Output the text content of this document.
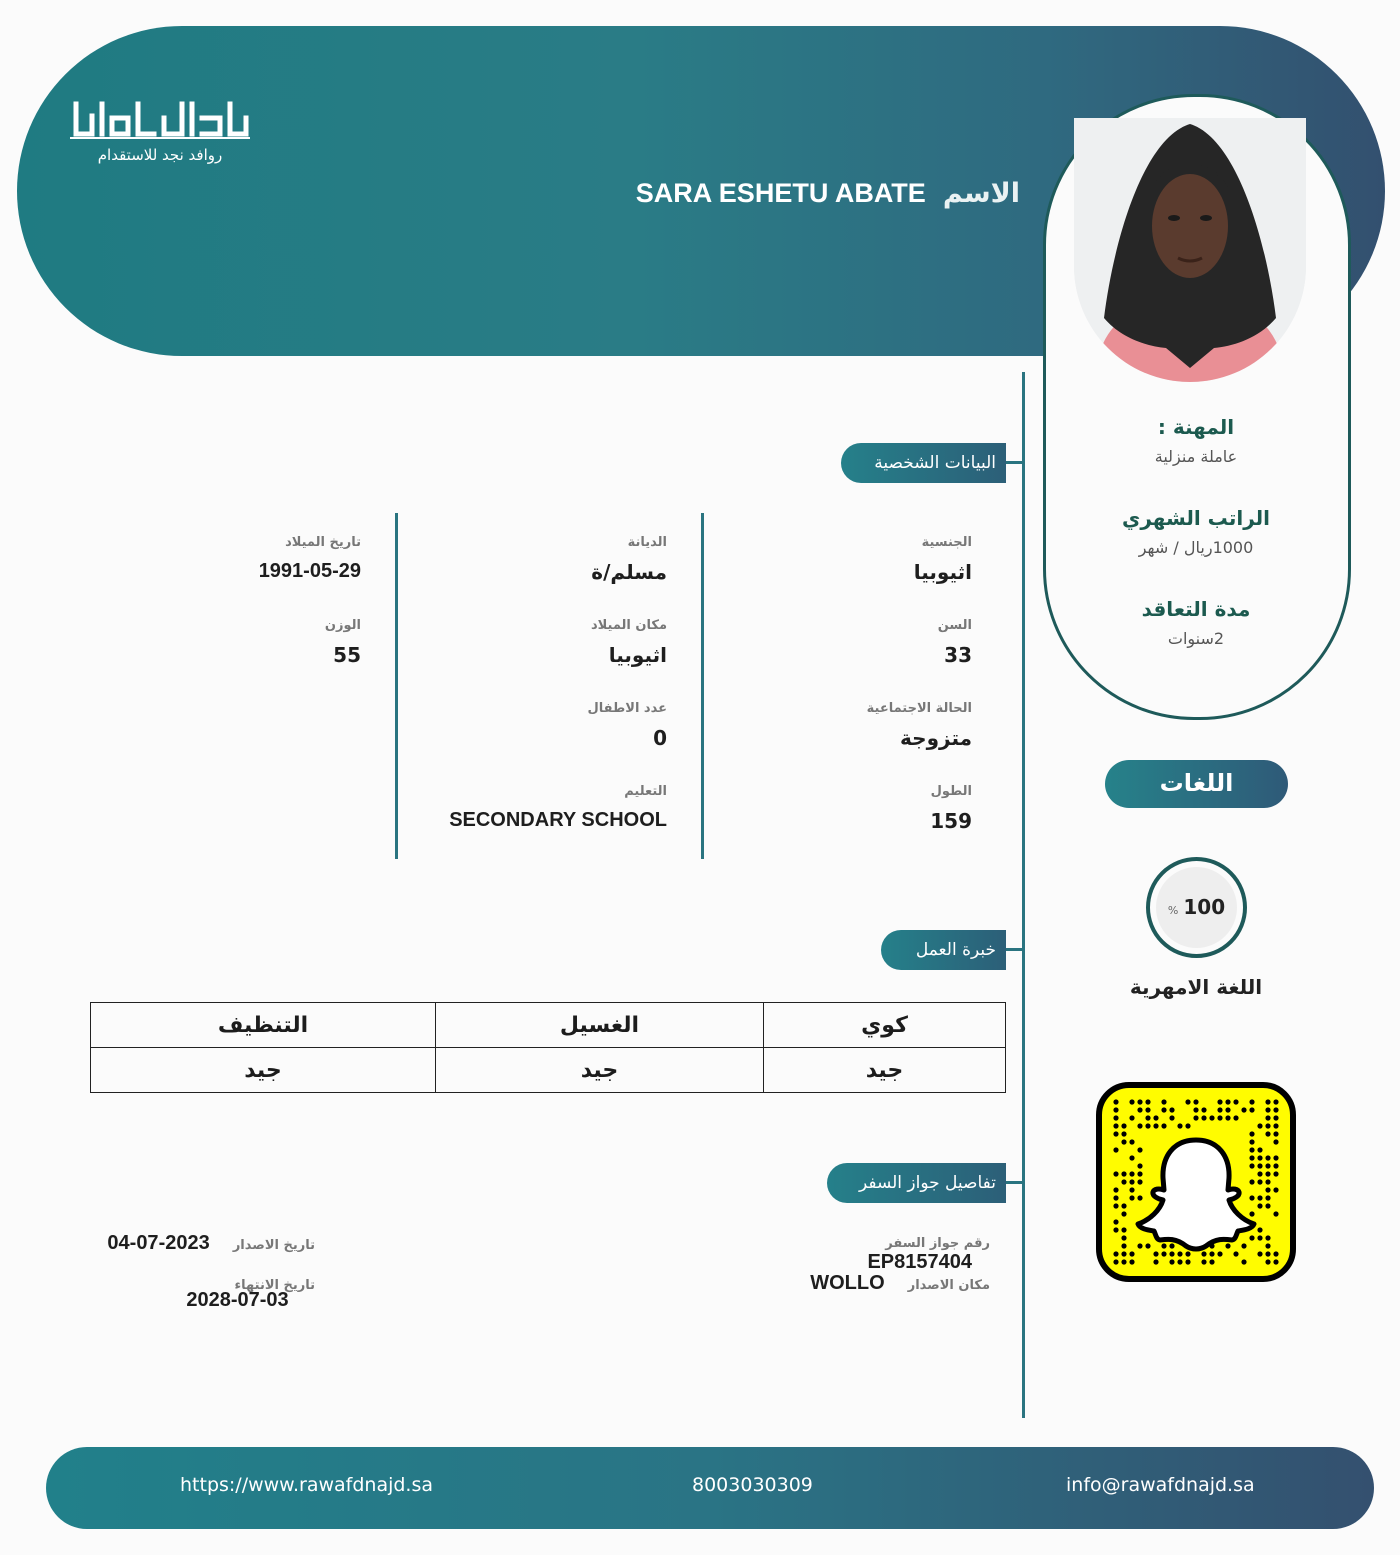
روافد نجد للاستقدام
الاسم SARA ESHETU ABATE
المهنة :
عاملة منزلية
الراتب الشهري
1000ريال / شهر
مدة التعاقد
2سنوات
البيانات الشخصية
خبرة العمل
تفاصيل جواز السفر
الجنسية
اثيوبيا
السن
33
الحالة الاجتماعية
متزوجة
الطول
159
الديانة
مسلم/ة
مكان الميلاد
اثيوبيا
عدد الاطفال
0
التعليم
SECONDARY SCHOOL
تاريخ الميلاد
1991-05-29
الوزن
55
كوي	الغسيل	التنظيف
جيد	جيد	جيد
رقم جواز السفر EP8157404
مكان الاصدار WOLLO
تاريخ الاصدار 2023-07-04
تاريخ الانتهاء
2028-07-03
اللغات
% 100
اللغة الامهرية
https://www.rawafdnajd.sa	8003030309	info@rawafdnajd.sa
